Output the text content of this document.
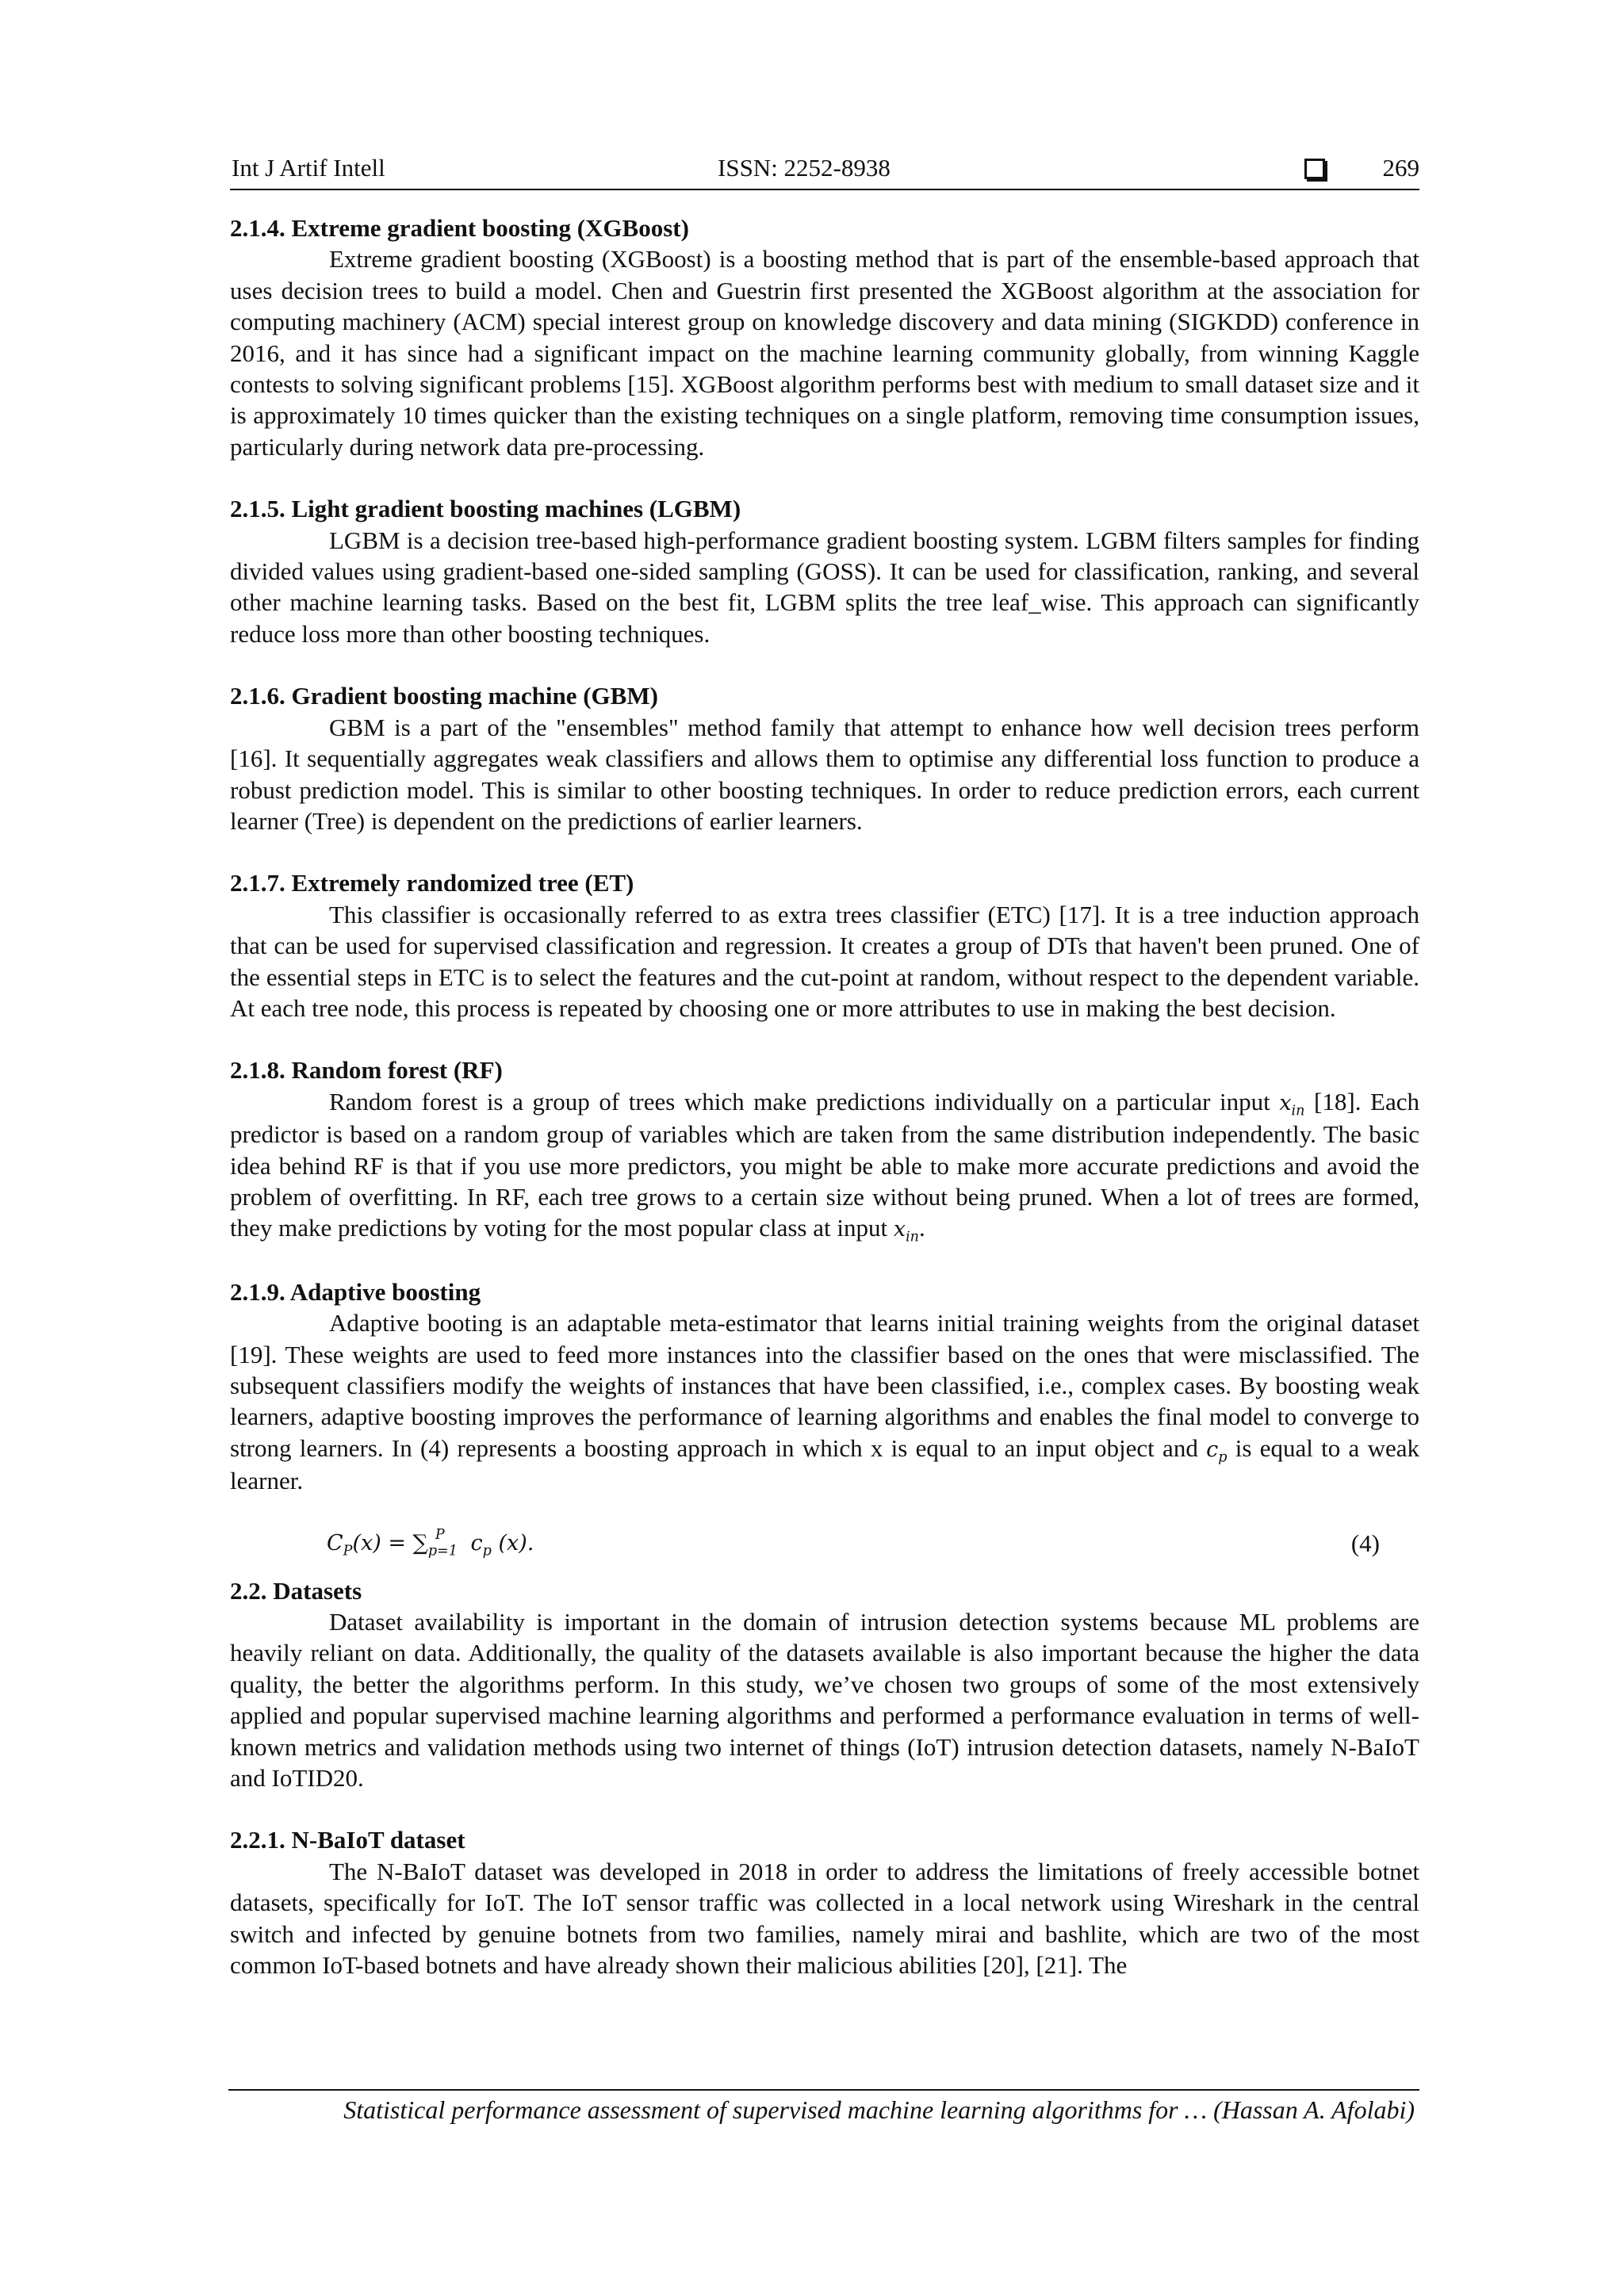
Int J Artif Intell	ISSN: 2252-8938	269
2.1.4. Extreme gradient boosting (XGBoost)

Extreme gradient boosting (XGBoost) is a boosting method that is part of the ensemble-based approach that uses decision trees to build a model. Chen and Guestrin first presented the XGBoost algorithm at the association for computing machinery (ACM) special interest group on knowledge discovery and data mining (SIGKDD) conference in 2016, and it has since had a significant impact on the machine learning community globally, from winning Kaggle contests to solving significant problems [15]. XGBoost algorithm performs best with medium to small dataset size and it is approximately 10 times quicker than the existing techniques on a single platform, removing time consumption issues, particularly during network data pre-processing.

2.1.5. Light gradient boosting machines (LGBM)

LGBM is a decision tree-based high-performance gradient boosting system. LGBM filters samples for finding divided values using gradient-based one-sided sampling (GOSS). It can be used for classification, ranking, and several other machine learning tasks. Based on the best fit, LGBM splits the tree leaf_wise. This approach can significantly reduce loss more than other boosting techniques.

2.1.6. Gradient boosting machine (GBM)

GBM is a part of the "ensembles" method family that attempt to enhance how well decision trees perform [16]. It sequentially aggregates weak classifiers and allows them to optimise any differential loss function to produce a robust prediction model. This is similar to other boosting techniques. In order to reduce prediction errors, each current learner (Tree) is dependent on the predictions of earlier learners.

2.1.7. Extremely randomized tree (ET)

This classifier is occasionally referred to as extra trees classifier (ETC) [17]. It is a tree induction approach that can be used for supervised classification and regression. It creates a group of DTs that haven't been pruned. One of the essential steps in ETC is to select the features and the cut-point at random, without respect to the dependent variable. At each tree node, this process is repeated by choosing one or more attributes to use in making the best decision.

2.1.8. Random forest (RF)

Random forest is a group of trees which make predictions individually on a particular input $x_{in}$ [18]. Each predictor is based on a random group of variables which are taken from the same distribution independently. The basic idea behind RF is that if you use more predictors, you might be able to make more accurate predictions and avoid the problem of overfitting. In RF, each tree grows to a certain size without being pruned. When a lot of trees are formed, they make predictions by voting for the most popular class at input $x_{in}$.

2.1.9. Adaptive boosting

Adaptive booting is an adaptable meta-estimator that learns initial training weights from the original dataset [19]. These weights are used to feed more instances into the classifier based on the ones that were misclassified. The subsequent classifiers modify the weights of instances that have been classified, i.e., complex cases. By boosting weak learners, adaptive boosting improves the performance of learning algorithms and enables the final model to converge to strong learners. In (4) represents a boosting approach in which x is equal to an input object and $c_p$ is equal to a weak learner.

$C_P(x) = \sum_{p=1}^P$ $c_p$ (x).	(4)
2.2. Datasets

Dataset availability is important in the domain of intrusion detection systems because ML problems are heavily reliant on data. Additionally, the quality of the datasets available is also important because the higher the data quality, the better the algorithms perform. In this study, we’ve chosen two groups of some of the most extensively applied and popular supervised machine learning algorithms and performed a performance evaluation in terms of well-known metrics and validation methods using two internet of things (IoT) intrusion detection datasets, namely N-BaIoT and IoTID20.

2.2.1. N-BaIoT dataset

The N-BaIoT dataset was developed in 2018 in order to address the limitations of freely accessible botnet datasets, specifically for IoT. The IoT sensor traffic was collected in a local network using Wireshark in the central switch and infected by genuine botnets from two families, namely mirai and bashlite, which are two of the most common IoT-based botnets and have already shown their malicious abilities [20], [21]. The

Statistical performance assessment of supervised machine learning algorithms for … (Hassan A. Afolabi)
